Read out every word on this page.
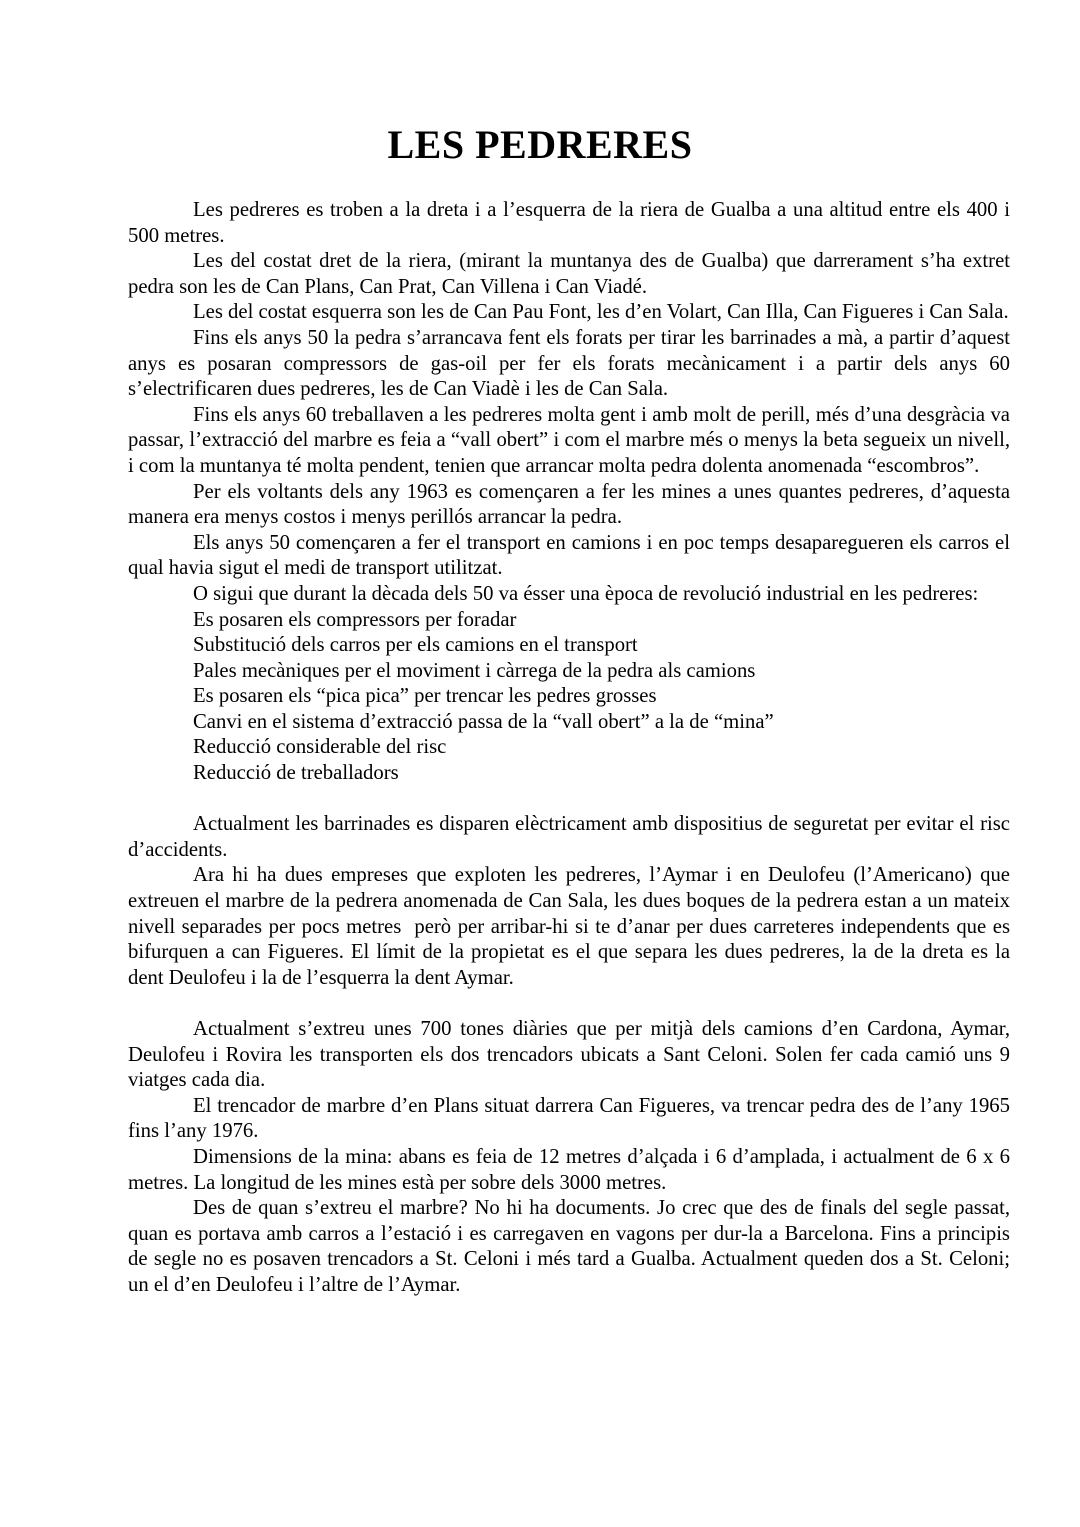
LES PEDRERES

Les pedreres es troben a la dreta i a l’esquerra de la riera de Gualba a una altitud entre els 400 i 500 metres.

Les del costat dret de la riera, (mirant la muntanya des de Gualba) que darrerament s’ha extret pedra son les de Can Plans, Can Prat, Can Villena i Can Viadé.

Les del costat esquerra son les de Can Pau Font, les d’en Volart, Can Illa, Can Figueres i Can Sala.

Fins els anys 50 la pedra s’arrancava fent els forats per tirar les barrinades a mà, a partir d’aquest anys es posaran compressors de gas-oil per fer els forats mecànicament i a partir dels anys 60 s’electrificaren dues pedreres, les de Can Viadè i les de Can Sala.

Fins els anys 60 treballaven a les pedreres molta gent i amb molt de perill, més d’una desgràcia va passar, l’extracció del marbre es feia a “vall obert” i com el marbre més o menys la beta segueix un nivell, i com la muntanya té molta pendent, tenien que arrancar molta pedra dolenta anomenada “escombros”.

Per els voltants dels any 1963 es començaren a fer les mines a unes quantes pedreres, d’aquesta manera era menys costos i menys perillós arrancar la pedra.

Els anys 50 començaren a fer el transport en camions i en poc temps desaparegueren els carros el qual havia sigut el medi de transport utilitzat.

O sigui que durant la dècada dels 50 va ésser una època de revolució industrial en les pedreres:

Es posaren els compressors per foradar
Substitució dels carros per els camions en el transport
Pales mecàniques per el moviment i càrrega de la pedra als camions
Es posaren els “pica pica” per trencar les pedres grosses
Canvi en el sistema d’extracció passa de la “vall obert” a la de “mina”
Reducció considerable del risc
Reducció de treballadors

Actualment les barrinades es disparen elèctricament amb dispositius de seguretat per evitar el risc d’accidents.

Ara hi ha dues empreses que exploten les pedreres, l’Aymar i en Deulofeu (l’Americano) que extreuen el marbre de la pedrera anomenada de Can Sala, les dues boques de la pedrera estan a un mateix nivell separades per pocs metres  però per arribar-hi si te d’anar per dues carreteres independents que es bifurquen a can Figueres. El límit de la propietat es el que separa les dues pedreres, la de la dreta es la dent Deulofeu i la de l’esquerra la dent Aymar.

Actualment s’extreu unes 700 tones diàries que per mitjà dels camions d’en Cardona, Aymar, Deulofeu i Rovira les transporten els dos trencadors ubicats a Sant Celoni. Solen fer cada camió uns 9 viatges cada dia.

El trencador de marbre d’en Plans situat darrera Can Figueres, va trencar pedra des de l’any 1965 fins l’any 1976.

Dimensions de la mina: abans es feia de 12 metres d’alçada i 6 d’amplada, i actualment de 6 x 6 metres. La longitud de les mines està per sobre dels 3000 metres.

Des de quan s’extreu el marbre? No hi ha documents. Jo crec que des de finals del segle passat, quan es portava amb carros a l’estació i es carregaven en vagons per dur-la a Barcelona. Fins a principis de segle no es posaven trencadors a St. Celoni i més tard a Gualba. Actualment queden dos a St. Celoni; un el d’en Deulofeu i l’altre de l’Aymar.
